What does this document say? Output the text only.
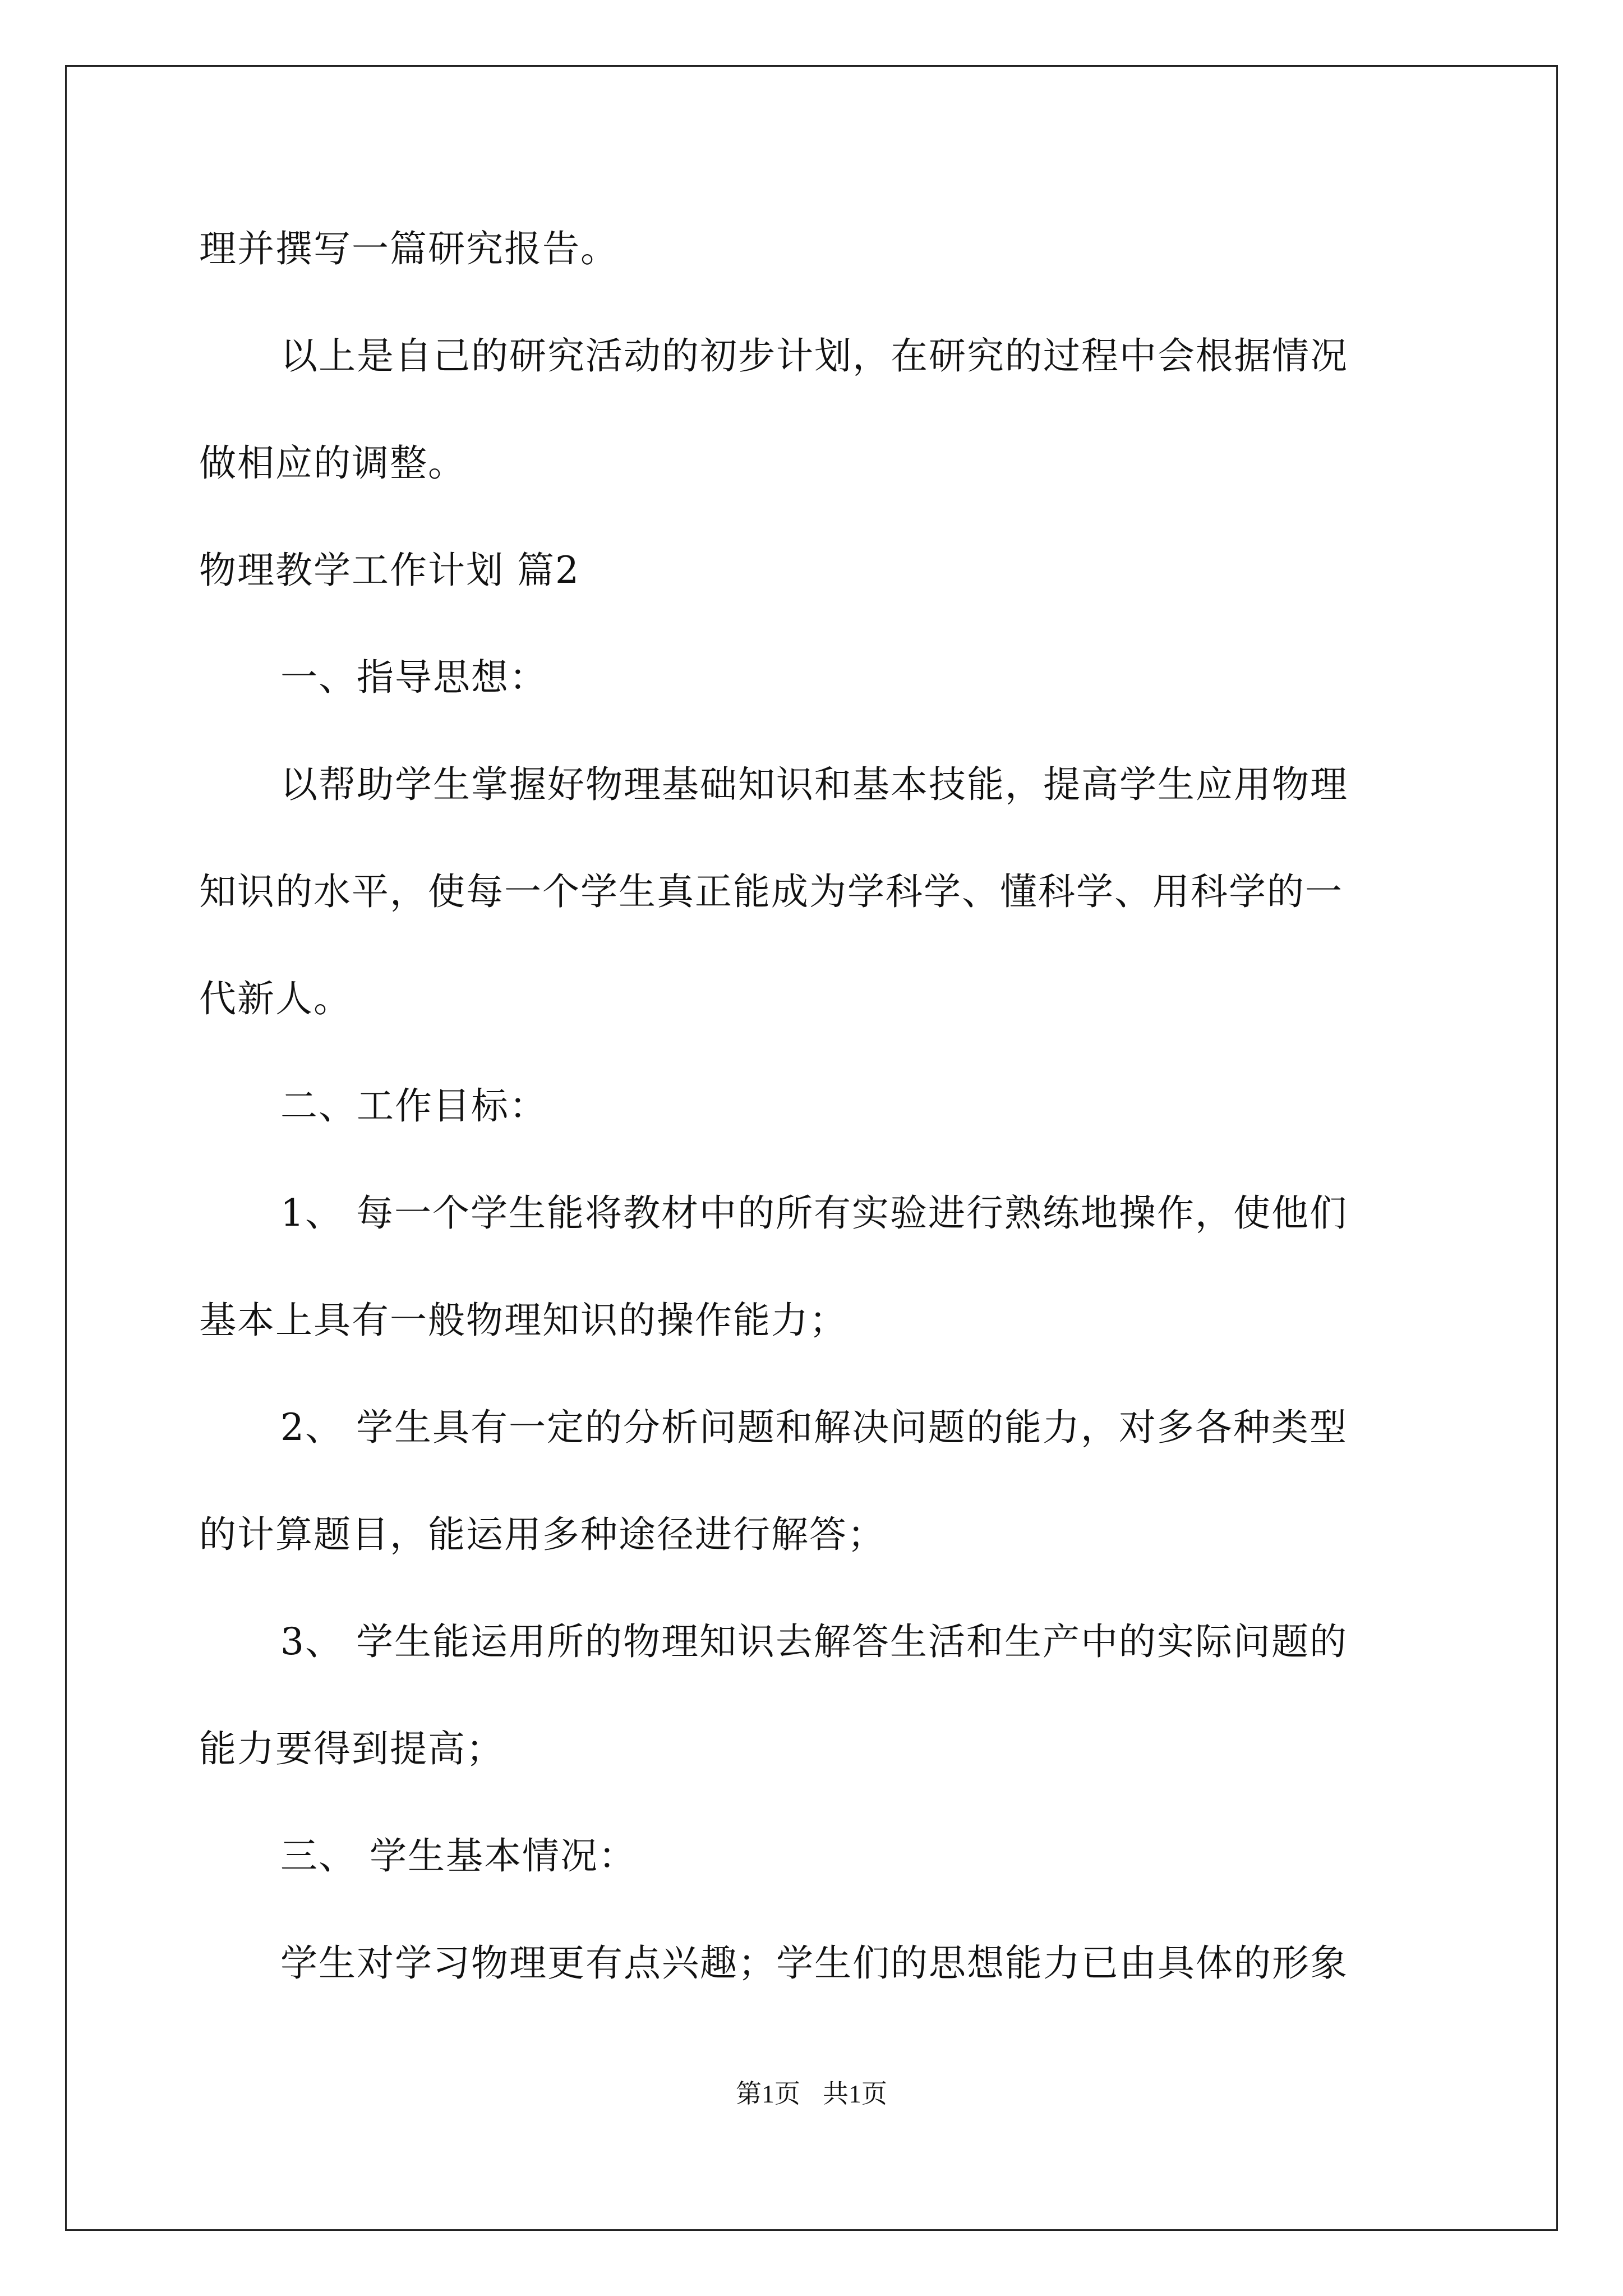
理并撰写一篇研究报告。

以上是自己的研究活动的初步计划，在研究的过程中会根据情况

做相应的调整。

物理教学工作计划 篇2

一、指导思想：

以帮助学生掌握好物理基础知识和基本技能，提高学生应用物理

知识的水平，使每一个学生真正能成为学科学、懂科学、用科学的一

代新人。

二、工作目标：

1、 每一个学生能将教材中的所有实验进行熟练地操作，使他们

基本上具有一般物理知识的操作能力；

2、 学生具有一定的分析问题和解决问题的能力，对多各种类型

的计算题目，能运用多种途径进行解答；

3、 学生能运用所的物理知识去解答生活和生产中的实际问题的

能力要得到提高；

三、 学生基本情况：

学生对学习物理更有点兴趣；学生们的思想能力已由具体的形象

第1页 共1页
